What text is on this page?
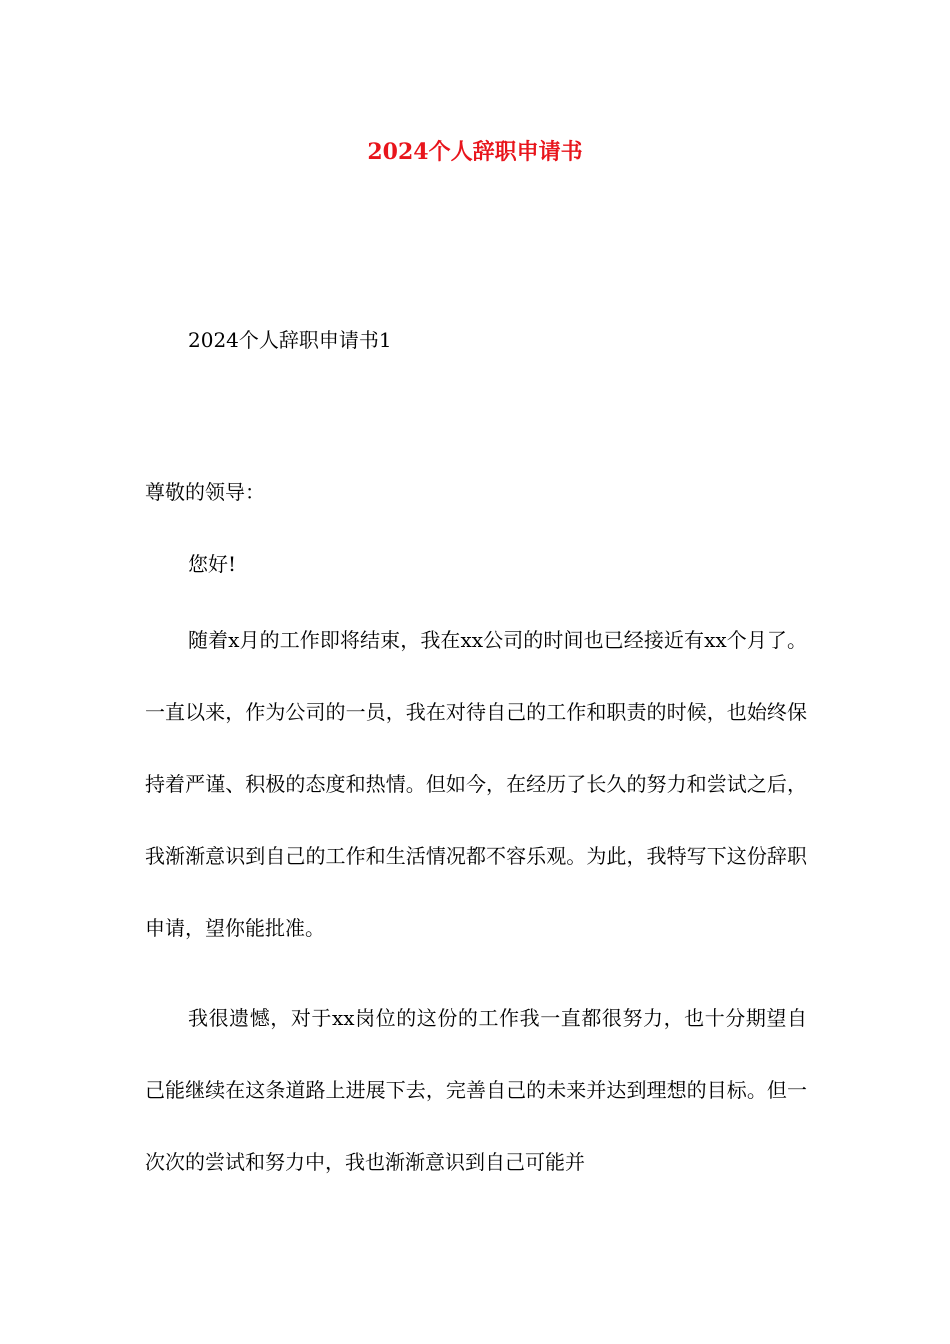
2024个人辞职申请书

2024个人辞职申请书1

尊敬的领导：

您好!

随着x月的工作即将结束，我在xx公司的时间也已经接近有xx个月了。一直以来，作为公司的一员，我在对待自己的工作和职责的时候，也始终保持着严谨、积极的态度和热情。但如今，在经历了长久的努力和尝试之后，我渐渐意识到自己的工作和生活情况都不容乐观。为此，我特写下这份辞职申请，望你能批准。

我很遗憾，对于xx岗位的这份的工作我一直都很努力，也十分期望自己能继续在这条道路上进展下去，完善自己的未来并达到理想的目标。但一次次的尝试和努力中，我也渐渐意识到自己可能并
